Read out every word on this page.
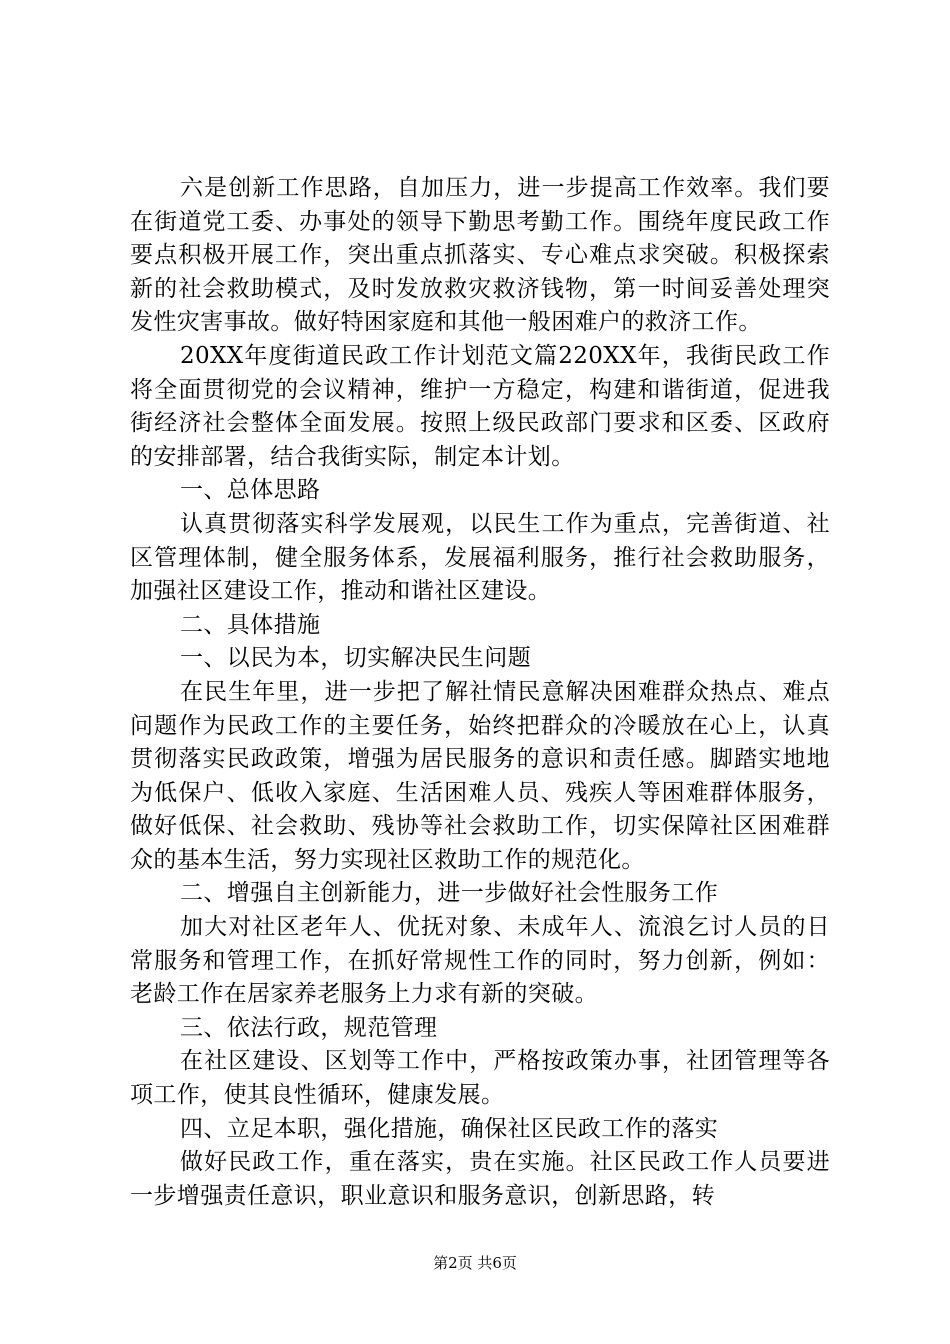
六是创新工作思路，自加压力，进一步提高工作效率。我们要在街道党工委、办事处的领导下勤思考勤工作。围绕年度民政工作要点积极开展工作，突出重点抓落实、专心难点求突破。积极探索新的社会救助模式，及时发放救灾救济钱物，第一时间妥善处理突发性灾害事故。做好特困家庭和其他一般困难户的救济工作。

20XX年度街道民政工作计划范文篇220XX年，我街民政工作将全面贯彻党的会议精神，维护一方稳定，构建和谐街道，促进我街经济社会整体全面发展。按照上级民政部门要求和区委、区政府的安排部署，结合我街实际，制定本计划。

一、总体思路

认真贯彻落实科学发展观，以民生工作为重点，完善街道、社区管理体制，健全服务体系，发展福利服务，推行社会救助服务，加强社区建设工作，推动和谐社区建设。

二、具体措施

一、以民为本，切实解决民生问题

在民生年里，进一步把了解社情民意解决困难群众热点、难点问题作为民政工作的主要任务，始终把群众的冷暖放在心上，认真贯彻落实民政政策，增强为居民服务的意识和责任感。脚踏实地地为低保户、低收入家庭、生活困难人员、残疾人等困难群体服务，做好低保、社会救助、残协等社会救助工作，切实保障社区困难群众的基本生活，努力实现社区救助工作的规范化。

二、增强自主创新能力，进一步做好社会性服务工作

加大对社区老年人、优抚对象、未成年人、流浪乞讨人员的日常服务和管理工作，在抓好常规性工作的同时，努力创新，例如：老龄工作在居家养老服务上力求有新的突破。

三、依法行政，规范管理

在社区建设、区划等工作中，严格按政策办事，社团管理等各项工作，使其良性循环，健康发展。

四、立足本职，强化措施，确保社区民政工作的落实

做好民政工作，重在落实，贵在实施。社区民政工作人员要进一步增强责任意识，职业意识和服务意识，创新思路，转

第2页 共6页
